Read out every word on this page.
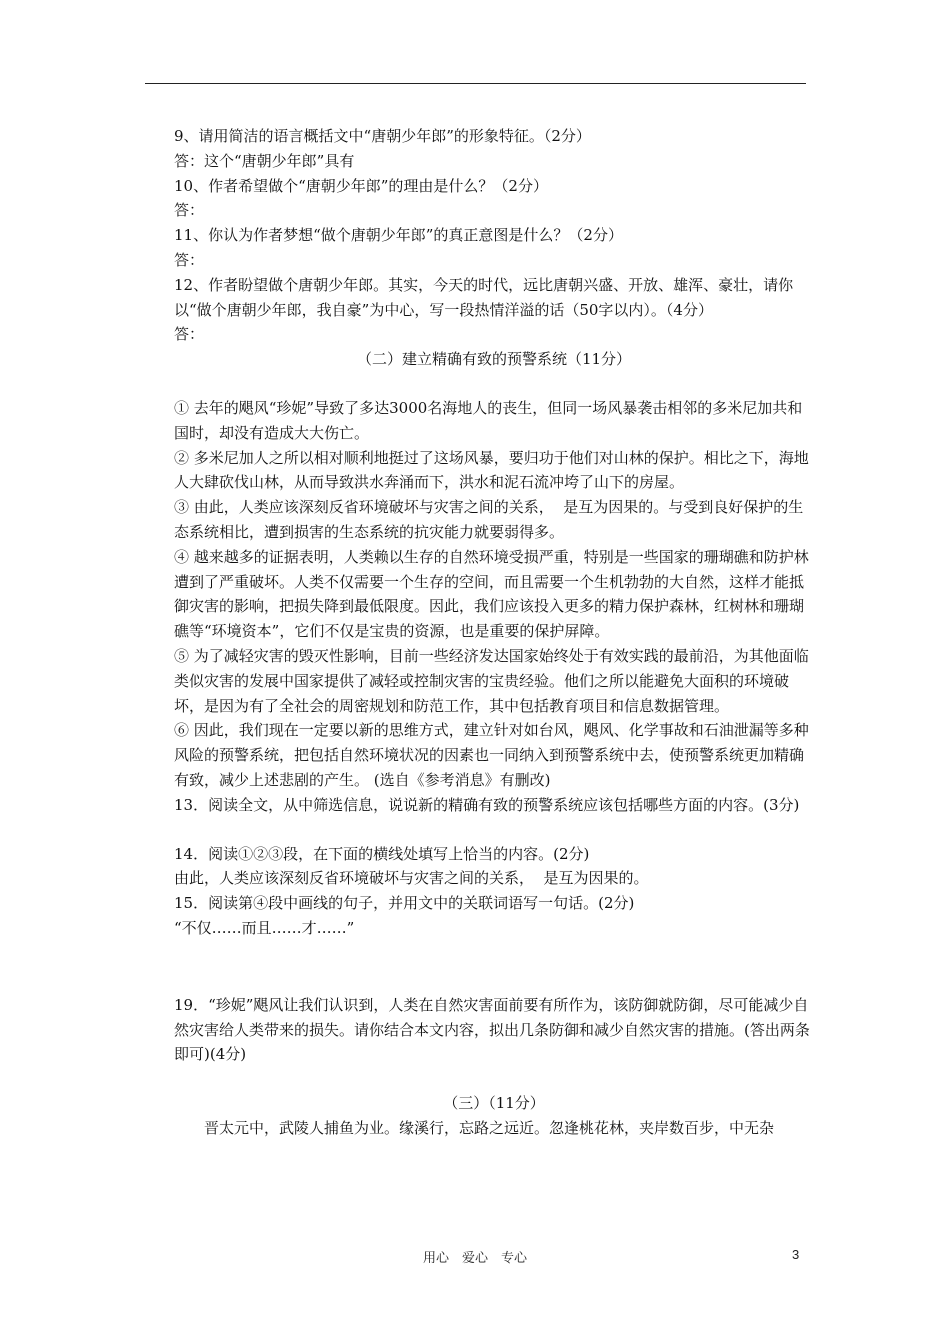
9、请用简洁的语言概括文中“唐朝少年郎”的形象特征。（2分）

答：这个“唐朝少年郎”具有

10、作者希望做个“唐朝少年郎”的理由是什么？（2分）

答：

11、你认为作者梦想“做个唐朝少年郎”的真正意图是什么？（2分）

答：

12、作者盼望做个唐朝少年郎。其实，今天的时代，远比唐朝兴盛、开放、雄浑、豪壮，请你以“做个唐朝少年郎，我自豪”为中心，写一段热情洋溢的话（50字以内）。（4分）

答：

（二）建立精确有致的预警系统（11分）

① 去年的飓风“珍妮”导致了多达3000名海地人的丧生，但同一场风暴袭击相邻的多米尼加共和国时，却没有造成大大伤亡。

② 多米尼加人之所以相对顺利地挺过了这场风暴，要归功于他们对山林的保护。相比之下，海地人大肆砍伐山林，从而导致洪水奔涌而下，洪水和泥石流冲垮了山下的房屋。

③ 由此，人类应该深刻反省环境破坏与灾害之间的关系，  是互为因果的。与受到良好保护的生态系统相比，遭到损害的生态系统的抗灾能力就要弱得多。

④ 越来越多的证据表明，人类赖以生存的自然环境受损严重，特别是一些国家的珊瑚礁和防护林遭到了严重破坏。人类不仅需要一个生存的空间，而且需要一个生机勃勃的大自然，这样才能抵御灾害的影响，把损失降到最低限度。因此，我们应该投入更多的精力保护森林，红树林和珊瑚礁等“环境资本”，它们不仅是宝贵的资源，也是重要的保护屏障。

⑤ 为了减轻灾害的毁灭性影响，目前一些经济发达国家始终处于有效实践的最前沿，为其他面临类似灾害的发展中国家提供了减轻或控制灾害的宝贵经验。他们之所以能避免大面积的环境破坏，是因为有了全社会的周密规划和防范工作，其中包括教育项目和信息数据管理。

⑥ 因此，我们现在一定要以新的思维方式，建立针对如台风，飓风、化学事故和石油泄漏等多种风险的预警系统，把包括自然环境状况的因素也一同纳入到预警系统中去，使预警系统更加精确有致，减少上述悲剧的产生。 (选自《参考消息》有删改)

13．阅读全文，从中筛选信息，说说新的精确有致的预警系统应该包括哪些方面的内容。(3分)

14．阅读①②③段，在下面的横线处填写上恰当的内容。(2分)

由此，人类应该深刻反省环境破坏与灾害之间的关系，  是互为因果的。

15．阅读第④段中画线的句子，并用文中的关联词语写一句话。(2分)

“不仅……而且……才……”

19．“珍妮”飓风让我们认识到，人类在自然灾害面前要有所作为，该防御就防御，尽可能减少自然灾害给人类带来的损失。请你结合本文内容，拟出几条防御和减少自然灾害的措施。(答出两条即可)(4分)

（三）（11分）

晋太元中，武陵人捕鱼为业。缘溪行，忘路之远近。忽逢桃花林，夹岸数百步，中无杂

用心　爱心　专心	3
